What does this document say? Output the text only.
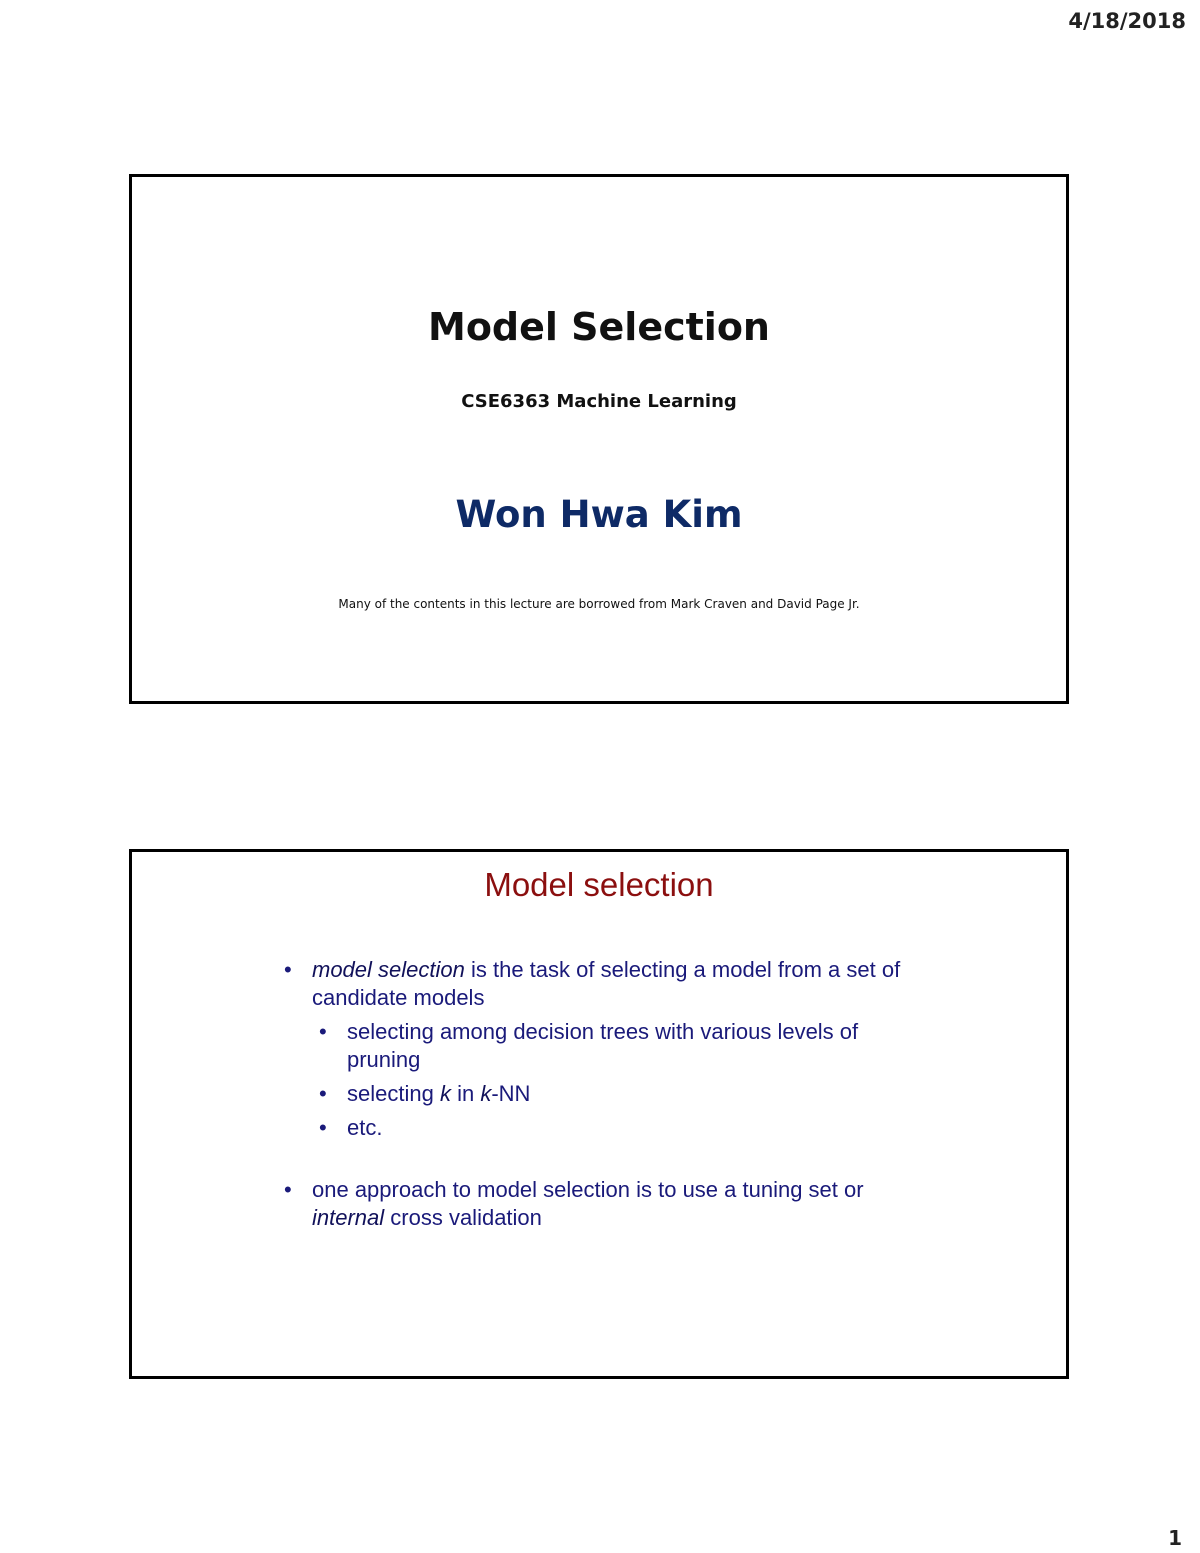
4/18/2018
Model Selection
CSE6363 Machine Learning
Won Hwa Kim
Many of the contents in this lecture are borrowed from Mark Craven and David Page Jr.
Model selection
• model selection is the task of selecting a model from a set of candidate models
• selecting among decision trees with various levels of pruning
• selecting k in k-NN
• etc.
• one approach to model selection is to use a tuning set or internal cross validation
1
